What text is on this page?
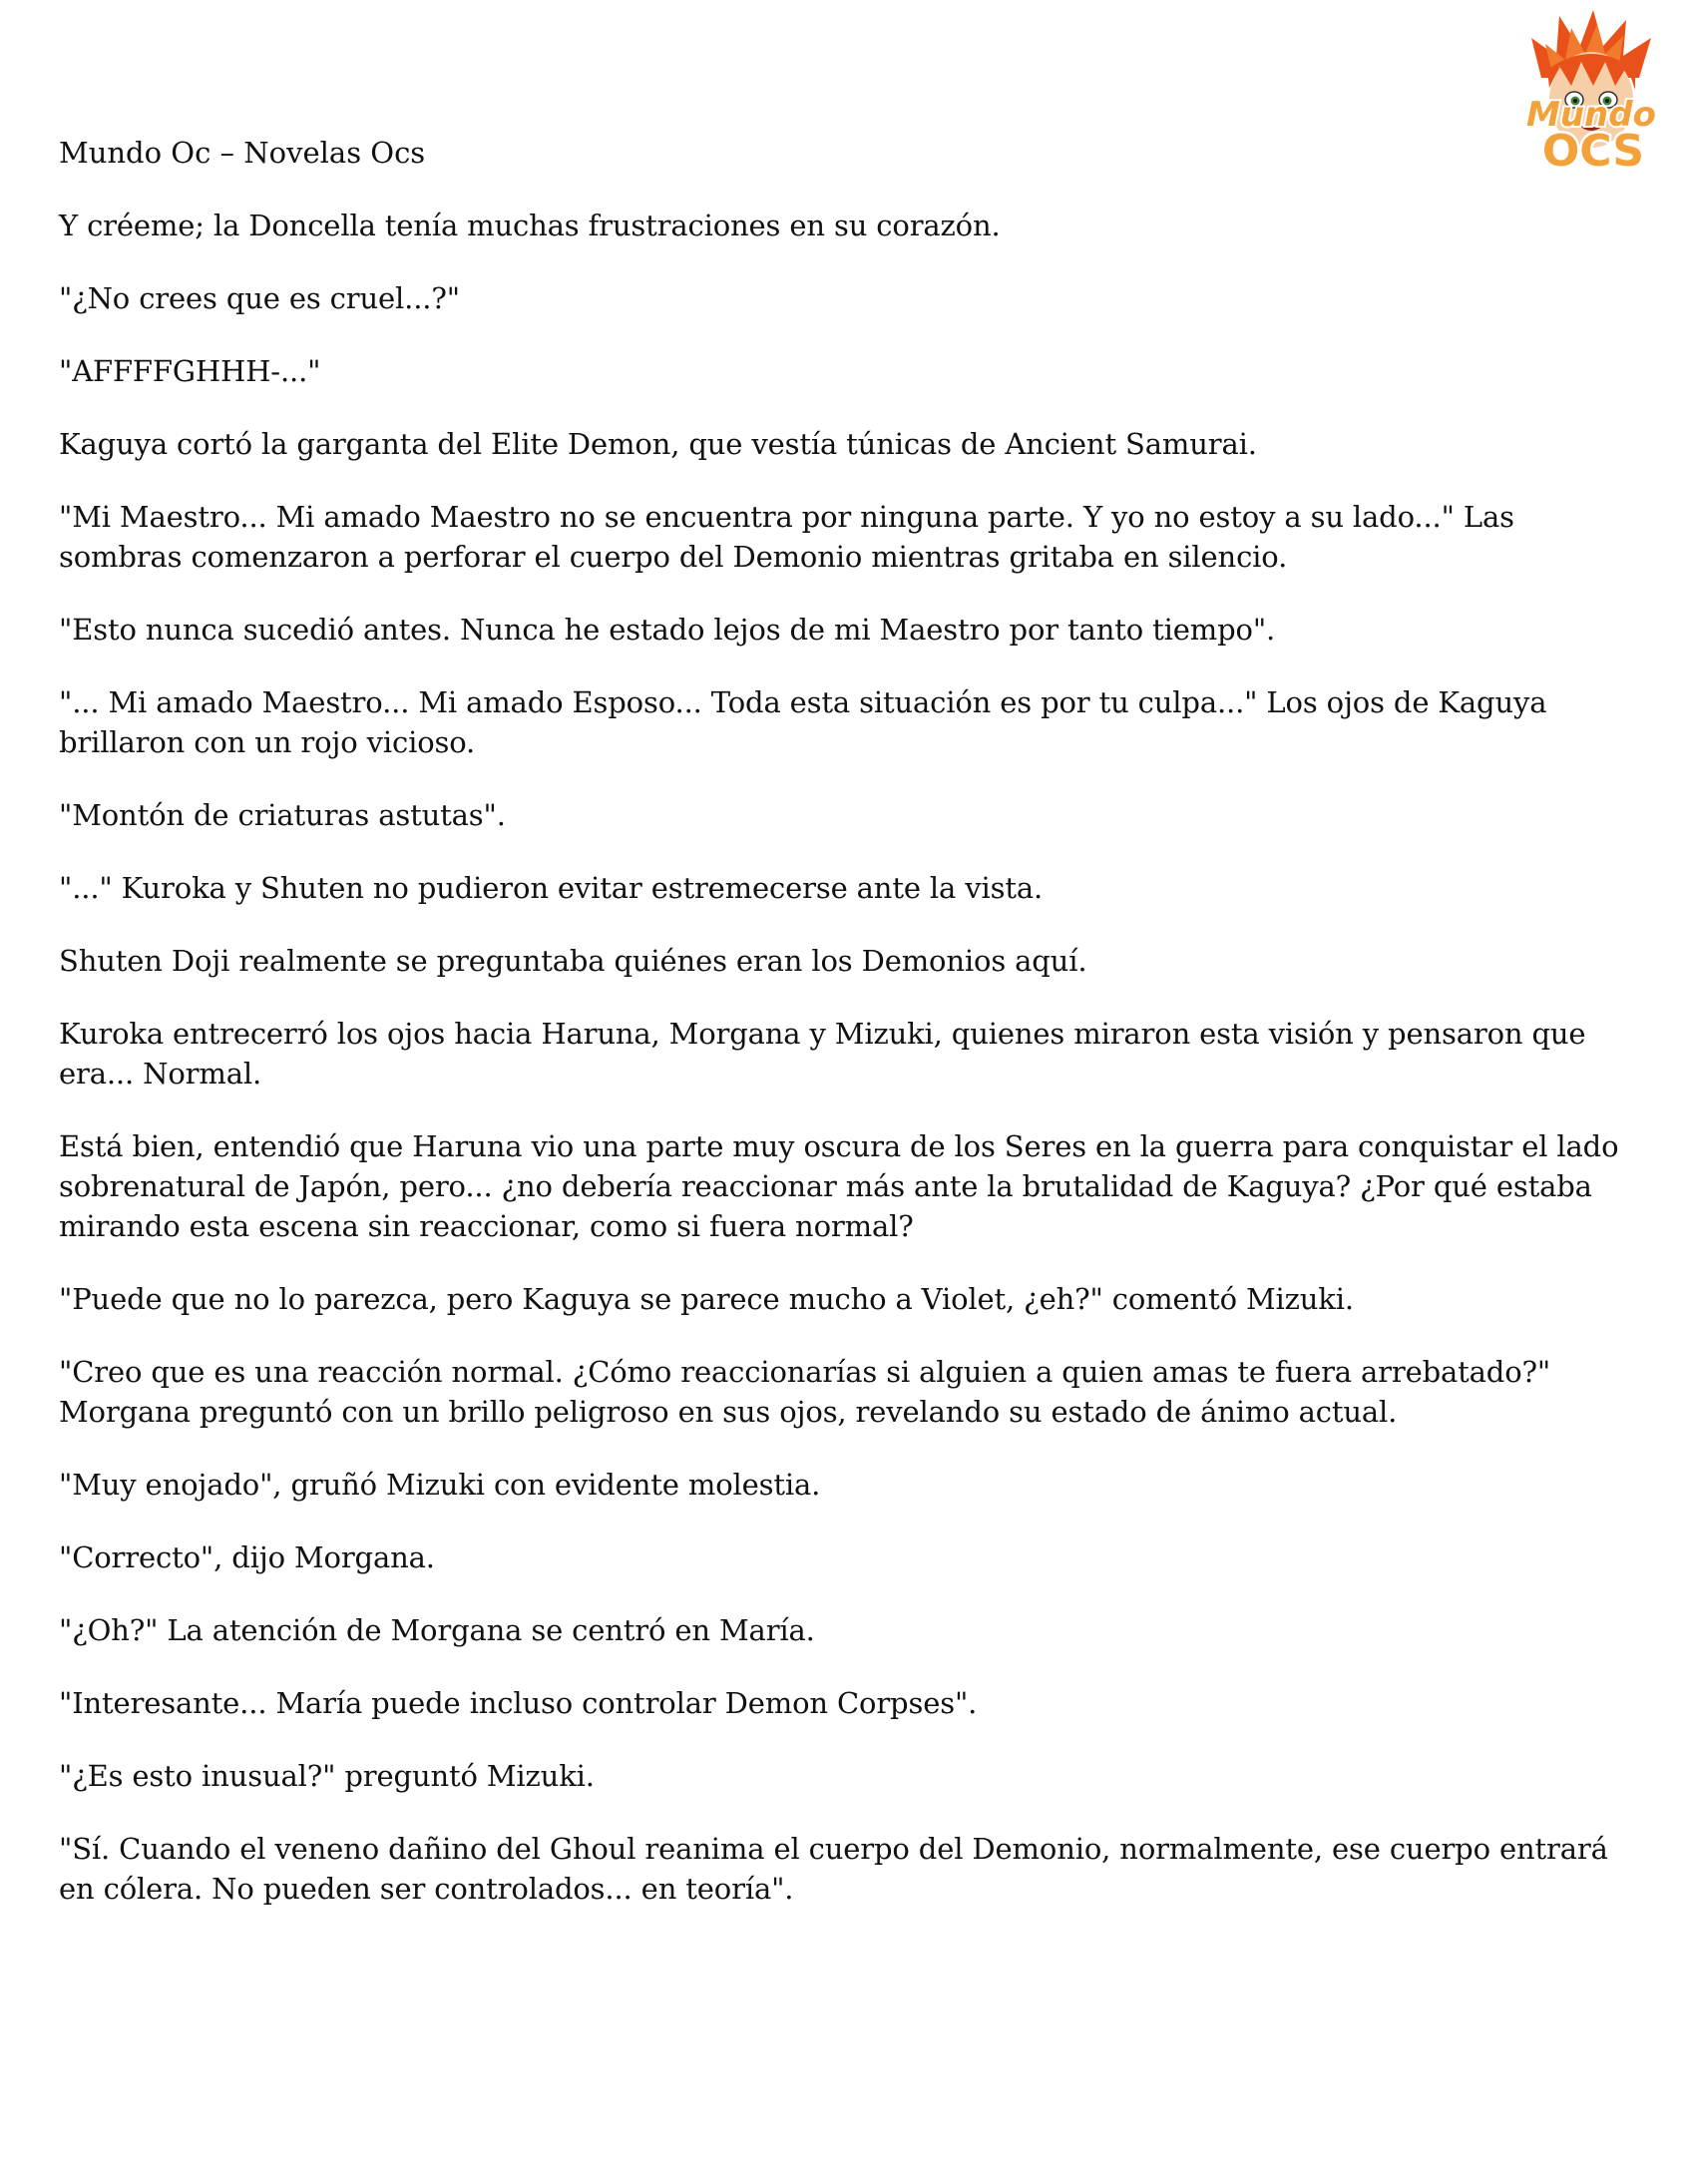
Mundo
OCS
Mundo Oc – Novelas Ocs

Y créeme; la Doncella tenía muchas frustraciones en su corazón.

"¿No crees que es cruel...?"

"AFFFFGHHH-..."

Kaguya cortó la garganta del Elite Demon, que vestía túnicas de Ancient Samurai.

"Mi Maestro... Mi amado Maestro no se encuentra por ninguna parte. Y yo no estoy a su lado..." Las sombras comenzaron a perforar el cuerpo del Demonio mientras gritaba en silencio.

"Esto nunca sucedió antes. Nunca he estado lejos de mi Maestro por tanto tiempo".

"... Mi amado Maestro... Mi amado Esposo... Toda esta situación es por tu culpa..." Los ojos de Kaguya brillaron con un rojo vicioso.

"Montón de criaturas astutas".

"..." Kuroka y Shuten no pudieron evitar estremecerse ante la vista.

Shuten Doji realmente se preguntaba quiénes eran los Demonios aquí.

Kuroka entrecerró los ojos hacia Haruna, Morgana y Mizuki, quienes miraron esta visión y pensaron que era... Normal.

Está bien, entendió que Haruna vio una parte muy oscura de los Seres en la guerra para conquistar el lado sobrenatural de Japón, pero... ¿no debería reaccionar más ante la brutalidad de Kaguya? ¿Por qué estaba mirando esta escena sin reaccionar, como si fuera normal?

"Puede que no lo parezca, pero Kaguya se parece mucho a Violet, ¿eh?" comentó Mizuki.

"Creo que es una reacción normal. ¿Cómo reaccionarías si alguien a quien amas te fuera arrebatado?" Morgana preguntó con un brillo peligroso en sus ojos, revelando su estado de ánimo actual.

"Muy enojado", gruñó Mizuki con evidente molestia.

"Correcto", dijo Morgana.

"¿Oh?" La atención de Morgana se centró en María.

"Interesante... María puede incluso controlar Demon Corpses".

"¿Es esto inusual?" preguntó Mizuki.

"Sí. Cuando el veneno dañino del Ghoul reanima el cuerpo del Demonio, normalmente, ese cuerpo entrará en cólera. No pueden ser controlados... en teoría".
